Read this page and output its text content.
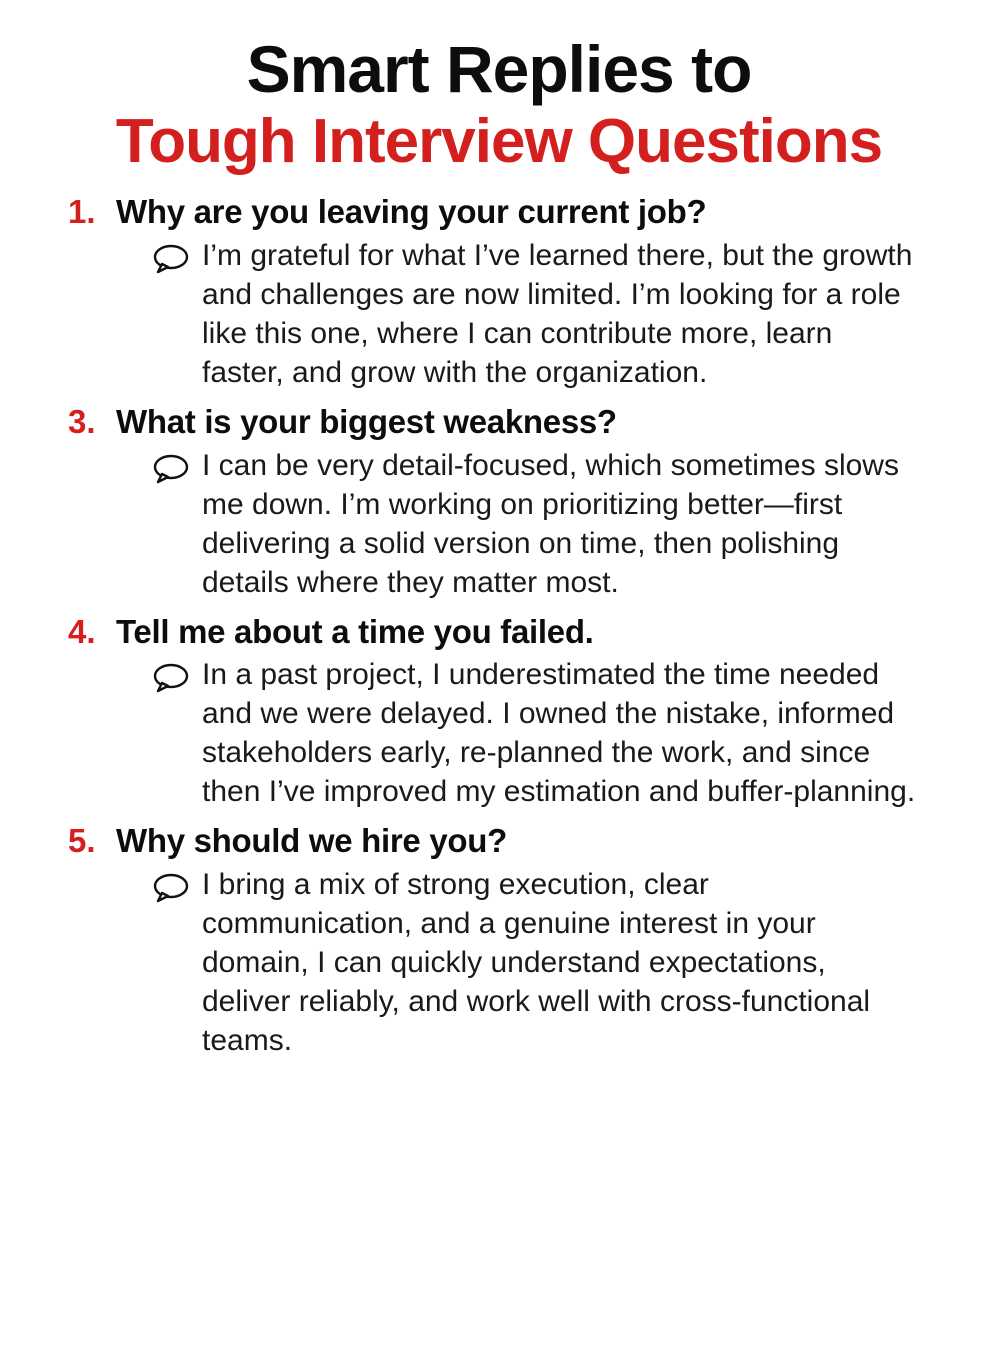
Smart Replies to
Tough Interview Questions
1. Why are you leaving your current job?
I’m grateful for what I’ve learned there, but the growth and challenges are now limited. I’m looking for a role like this one, where I can contribute more, learn faster, and grow with the organization.
3. What is your biggest weakness?
I can be very detail-focused, which sometimes slows me down. I’m working on prioritizing better—first delivering a solid version on time, then polishing details where they matter most.
4. Tell me about a time you failed.
In a past project, I underestimated the time needed and we were delayed. I owned the nistake, informed stakeholders early, re-planned the work, and since then I’ve improved my estimation and buffer-planning.
5. Why should we hire you?
I bring a mix of strong execution, clear communication, and a genuine interest in your domain, I can quickly understand expectations, deliver reliably, and work well with cross-functional teams.
